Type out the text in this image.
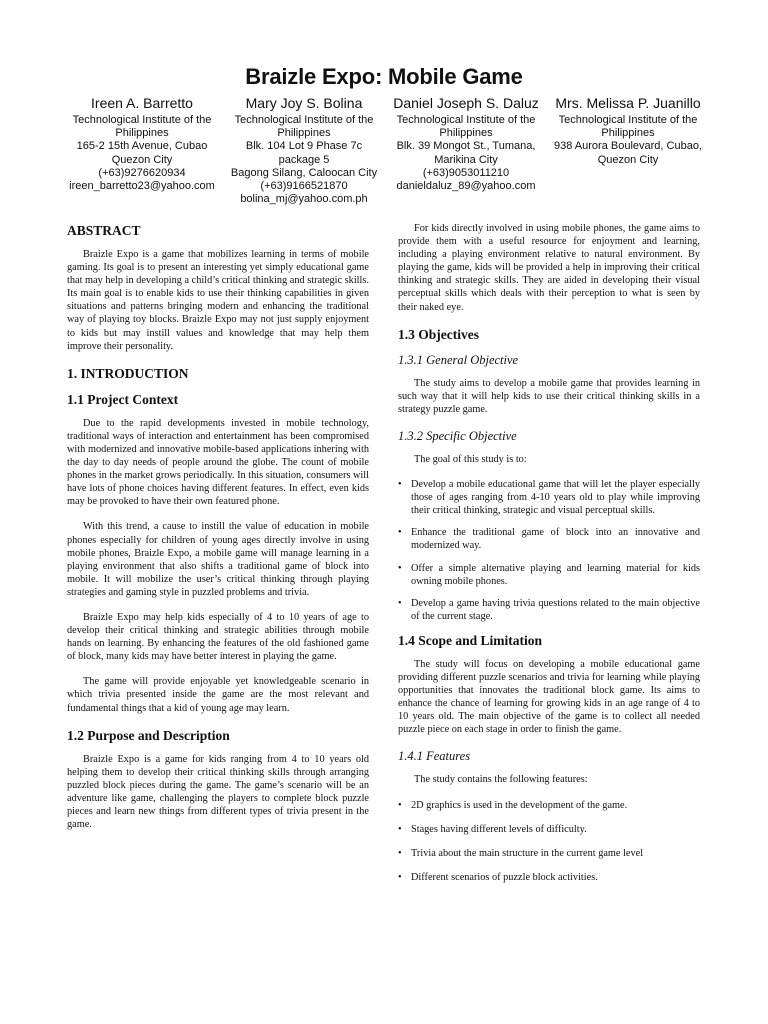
Braizle Expo: Mobile Game
Ireen A. Barretto
Technological Institute of the Philippines
165-2 15th Avenue, Cubao
Quezon City
(+63)9276620934
ireen_barretto23@yahoo.com
Mary Joy S. Bolina
Technological Institute of the Philippines
Blk. 104 Lot 9 Phase 7c
package 5
Bagong Silang, Caloocan City
(+63)9166521870
bolina_mj@yahoo.com.ph
Daniel Joseph S. Daluz
Technological Institute of the Philippines
Blk. 39 Mongot St., Tumana,
Marikina City
(+63)9053011210
danieldaluz_89@yahoo.com
Mrs. Melissa P. Juanillo
Technological Institute of the Philippines
938 Aurora Boulevard, Cubao,
Quezon City
ABSTRACT

Braizle Expo is a game that mobilizes learning in terms of mobile gaming. Its goal is to present an interesting yet simply educational game that may help in developing a child’s critical thinking and strategic skills. Its main goal is to enable kids to use their thinking capabilities in given situations and patterns bringing modern and enhancing the traditional way of playing toy blocks. Braizle Expo may not just supply enjoyment to kids but may instill values and knowledge that may help them improve their personality.

1. INTRODUCTION
1.1 Project Context

Due to the rapid developments invested in mobile technology, traditional ways of interaction and entertainment has been compromised with modernized and innovative mobile-based applications inhering with the day to day needs of people around the globe. The count of mobile phones in the market grows periodically. In this situation, consumers will have lots of phone choices having different features. In effect, even kids may be provoked to have their own featured phone.

With this trend, a cause to instill the value of education in mobile phones especially for children of young ages directly involve in using mobile phones, Braizle Expo, a mobile game will manage learning in a playing environment that also shifts a traditional game of block into mobile. It will mobilize the user’s critical thinking through playing strategies and gaming style in puzzled problems and trivia.

Braizle Expo may help kids especially of 4 to 10 years of age to develop their critical thinking and strategic abilities through mobile hands on learning. By enhancing the features of the old fashioned game of block, many kids may have better interest in playing the game.

The game will provide enjoyable yet knowledgeable scenario in which trivia presented inside the game are the most relevant and fundamental things that a kid of young age may learn.

1.2 Purpose and Description

Braizle Expo is a game for kids ranging from 4 to 10 years old helping them to develop their critical thinking skills through arranging puzzled block pieces during the game. The game’s scenario will be an adventure like game, challenging the players to complete block puzzle pieces and learn new things from different types of trivia present in the game.

For kids directly involved in using mobile phones, the game aims to provide them with a useful resource for enjoyment and learning, including a playing environment relative to natural environment. By playing the game, kids will be provided a help in improving their critical thinking and strategic skills. They are aided in developing their visual perceptual skills which deals with their perception to what is seen by their naked eye.

1.3 Objectives
1.3.1 General Objective

The study aims to develop a mobile game that provides learning in such way that it will help kids to use their critical thinking skills in a strategy puzzle game.

1.3.2 Specific Objective

The goal of this study is to:

• Develop a mobile educational game that will let the player especially those of ages ranging from 4-10 years old to play while improving their critical thinking, strategic and visual perceptual skills.
• Enhance the traditional game of block into an innovative and modernized way.
• Offer a simple alternative playing and learning material for kids owning mobile phones.
• Develop a game having trivia questions related to the main objective of the current stage.
1.4 Scope and Limitation

The study will focus on developing a mobile educational game providing different puzzle scenarios and trivia for learning while playing opportunities that innovates the traditional block game. Its aims to enhance the chance of learning for growing kids in an age range of 4 to 10 years old. The main objective of the game is to collect all needed puzzle piece on each stage in order to finish the game.

1.4.1 Features

The study contains the following features:

• 2D graphics is used in the development of the game.
• Stages having different levels of difficulty.
• Trivia about the main structure in the current game level
• Different scenarios of puzzle block activities.
